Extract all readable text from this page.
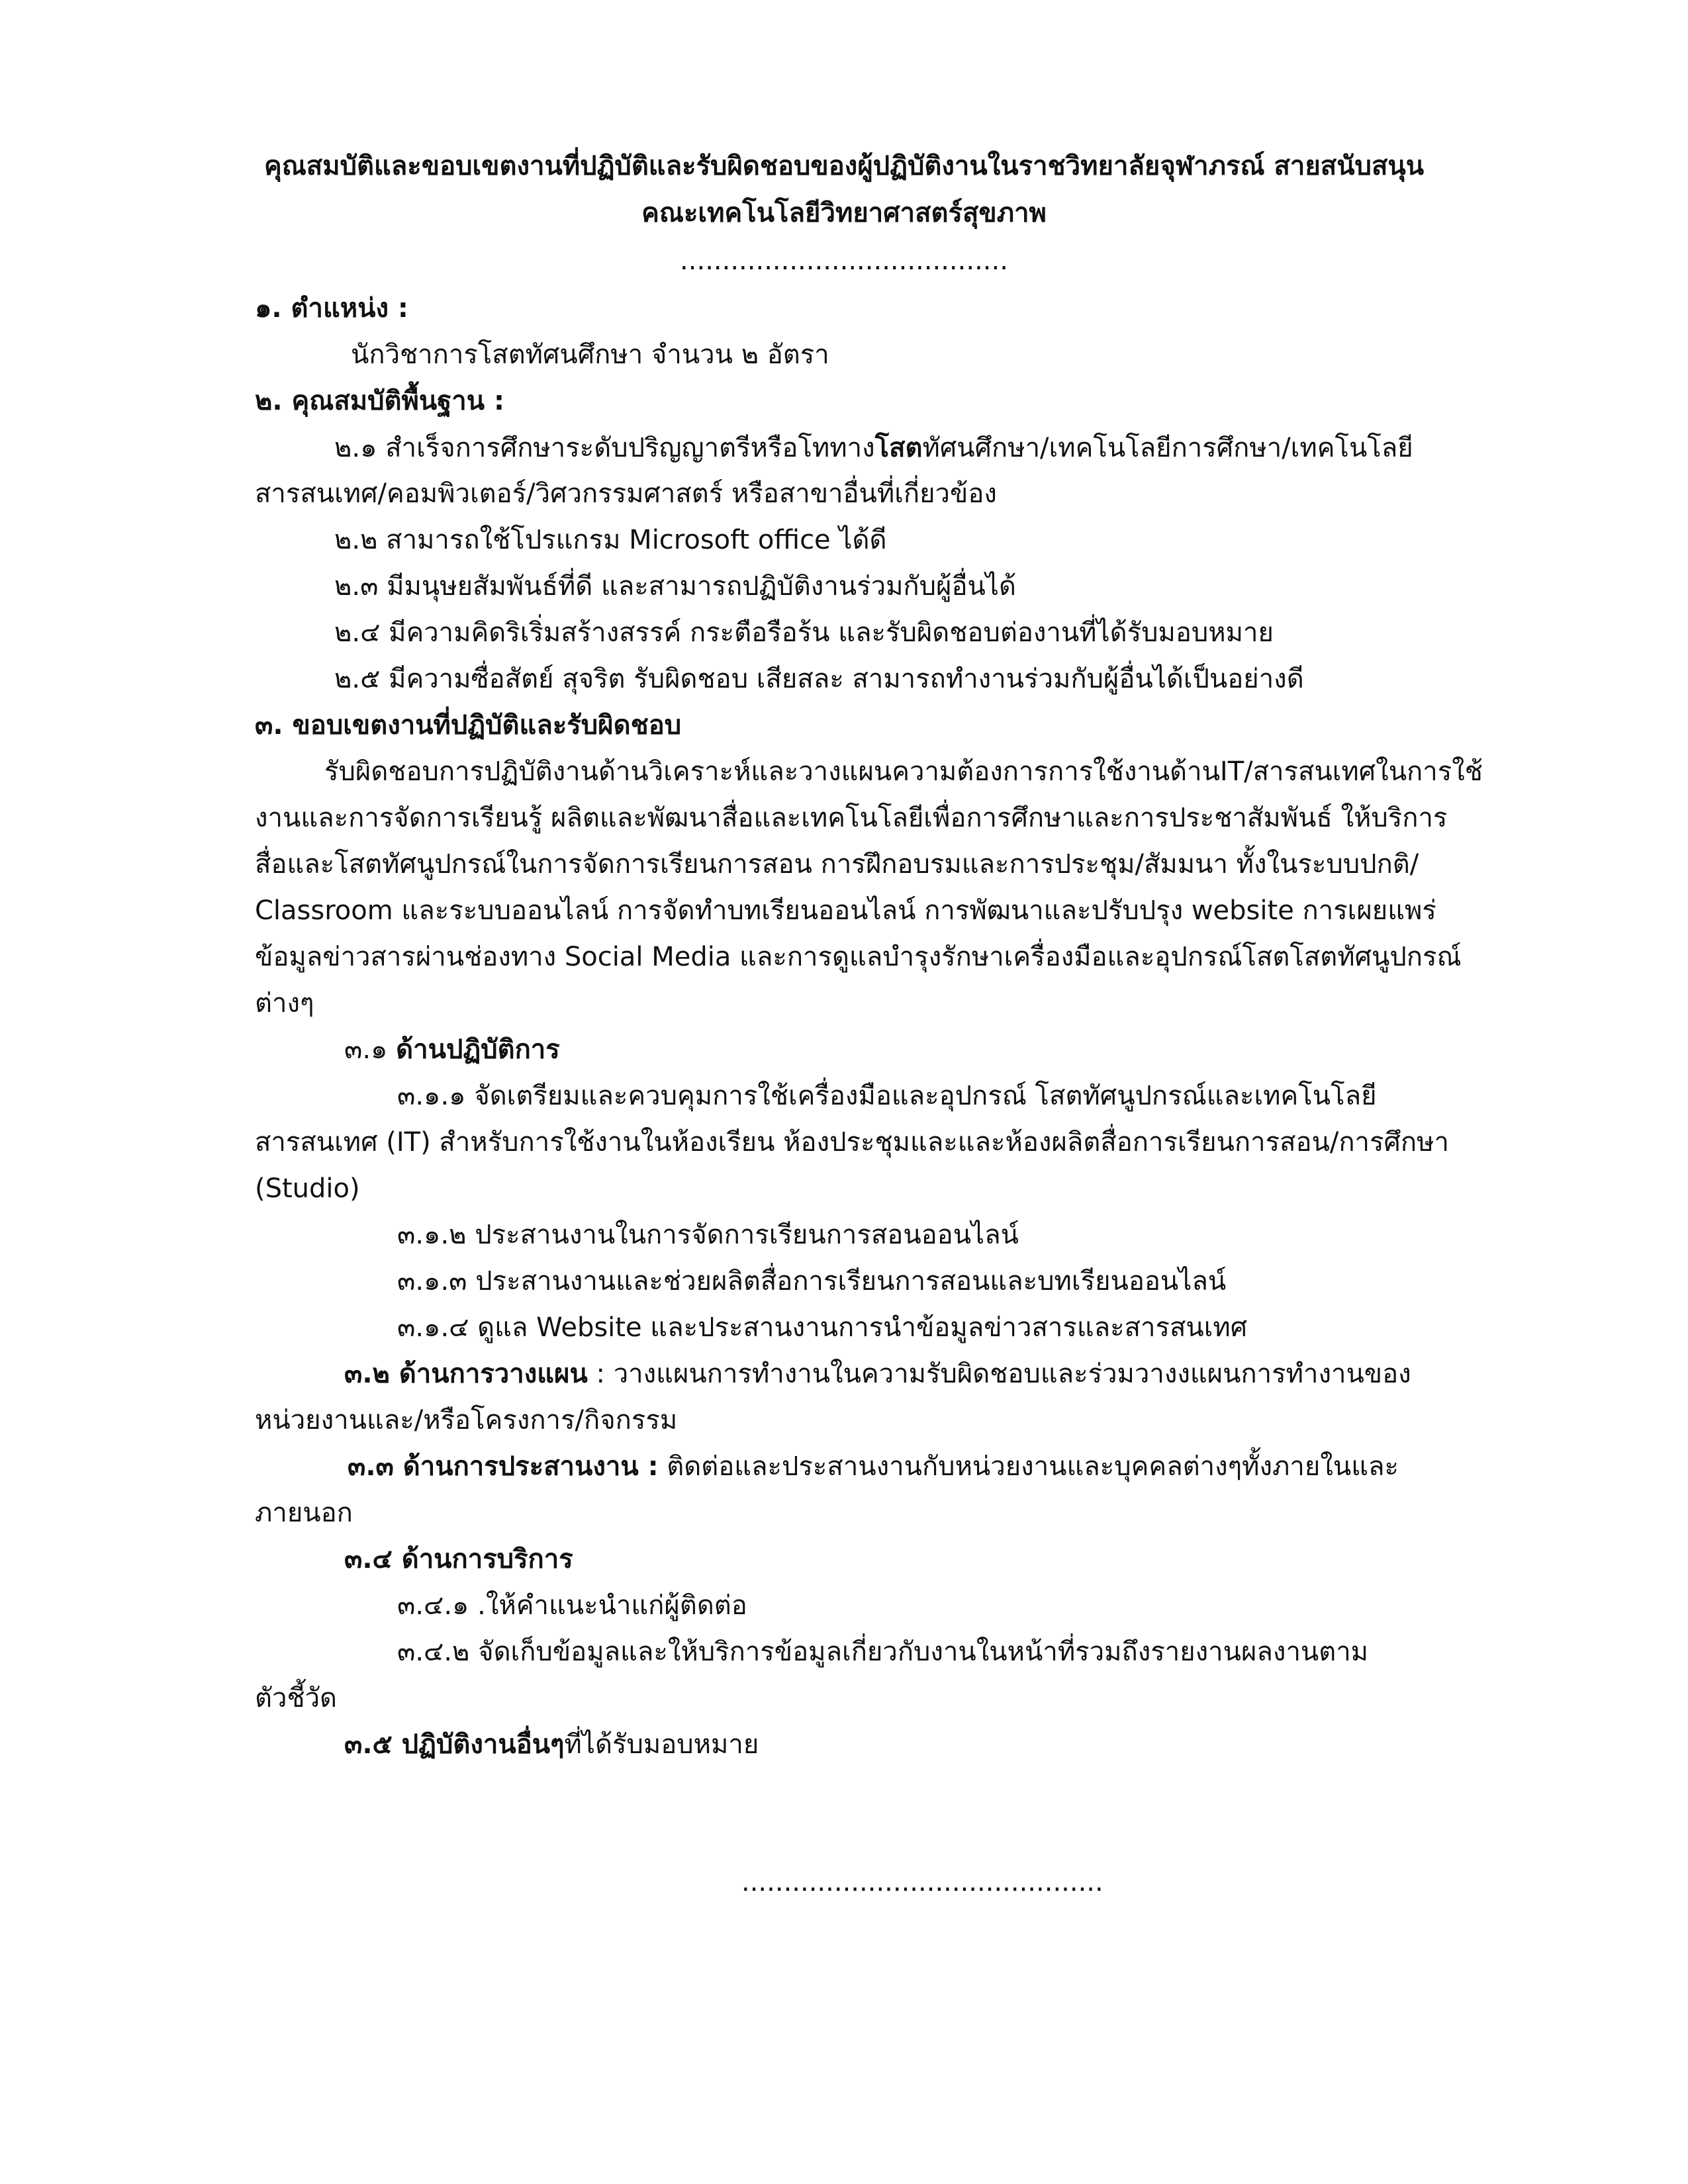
คุณสมบัติและขอบเขตงานที่ปฏิบัติและรับผิดชอบของผู้ปฏิบัติงานในราชวิทยาลัยจุฬาภรณ์ สายสนับสนุน
คณะเทคโนโลยีวิทยาศาสตร์สุขภาพ
.......................................
๑. ตำแหน่ง :
นักวิชาการโสตทัศนศึกษา จำนวน ๒ อัตรา
๒. คุณสมบัติพื้นฐาน :
๒.๑ สำเร็จการศึกษาระดับปริญญาตรีหรือโททางโสตทัศนศึกษา/เทคโนโลยีการศึกษา/เทคโนโลยี
สารสนเทศ/คอมพิวเตอร์/วิศวกรรมศาสตร์ หรือสาขาอื่นที่เกี่ยวข้อง
๒.๒ สามารถใช้โปรแกรม Microsoft office ได้ดี
๒.๓ มีมนุษยสัมพันธ์ที่ดี และสามารถปฏิบัติงานร่วมกับผู้อื่นได้
๒.๔ มีความคิดริเริ่มสร้างสรรค์ กระตือรือร้น และรับผิดชอบต่องานที่ได้รับมอบหมาย
๒.๕ มีความซื่อสัตย์ สุจริต รับผิดชอบ เสียสละ สามารถทำงานร่วมกับผู้อื่นได้เป็นอย่างดี
๓. ขอบเขตงานที่ปฏิบัติและรับผิดชอบ
รับผิดชอบการปฏิบัติงานด้านวิเคราะห์และวางแผนความต้องการการใช้งานด้านIT/สารสนเทศในการใช้
งานและการจัดการเรียนรู้ ผลิตและพัฒนาสื่อและเทคโนโลยีเพื่อการศึกษาและการประชาสัมพันธ์ ให้บริการ
สื่อและโสตทัศนูปกรณ์ในการจัดการเรียนการสอน การฝึกอบรมและการประชุม/สัมมนา ทั้งในระบบปกติ/
Classroom และระบบออนไลน์ การจัดทำบทเรียนออนไลน์ การพัฒนาและปรับปรุง website การเผยแพร่
ข้อมูลข่าวสารผ่านช่องทาง Social Media และการดูแลบำรุงรักษาเครื่องมือและอุปกรณ์โสตโสตทัศนูปกรณ์
ต่างๆ
๓.๑ ด้านปฏิบัติการ
๓.๑.๑ จัดเตรียมและควบคุมการใช้เครื่องมือและอุปกรณ์ โสตทัศนูปกรณ์และเทคโนโลยี
สารสนเทศ (IT) สำหรับการใช้งานในห้องเรียน ห้องประชุมและและห้องผลิตสื่อการเรียนการสอน/การศึกษา
(Studio)
๓.๑.๒ ประสานงานในการจัดการเรียนการสอนออนไลน์
๓.๑.๓ ประสานงานและช่วยผลิตสื่อการเรียนการสอนและบทเรียนออนไลน์
๓.๑.๔ ดูแล Website และประสานงานการนำข้อมูลข่าวสารและสารสนเทศ
๓.๒ ด้านการวางแผน : วางแผนการทำงานในความรับผิดชอบและร่วมวางงแผนการทำงานของ
หน่วยงานและ/หรือโครงการ/กิจกรรม
๓.๓ ด้านการประสานงาน : ติดต่อและประสานงานกับหน่วยงานและบุคคลต่างๆทั้งภายในและ
ภายนอก
๓.๔ ด้านการบริการ
๓.๔.๑ .ให้คำแนะนำแก่ผู้ติดต่อ
๓.๔.๒ จัดเก็บข้อมูลและให้บริการข้อมูลเกี่ยวกับงานในหน้าที่รวมถึงรายงานผลงานตาม
ตัวชี้วัด
๓.๕ ปฏิบัติงานอื่นๆที่ได้รับมอบหมาย
...........................................
